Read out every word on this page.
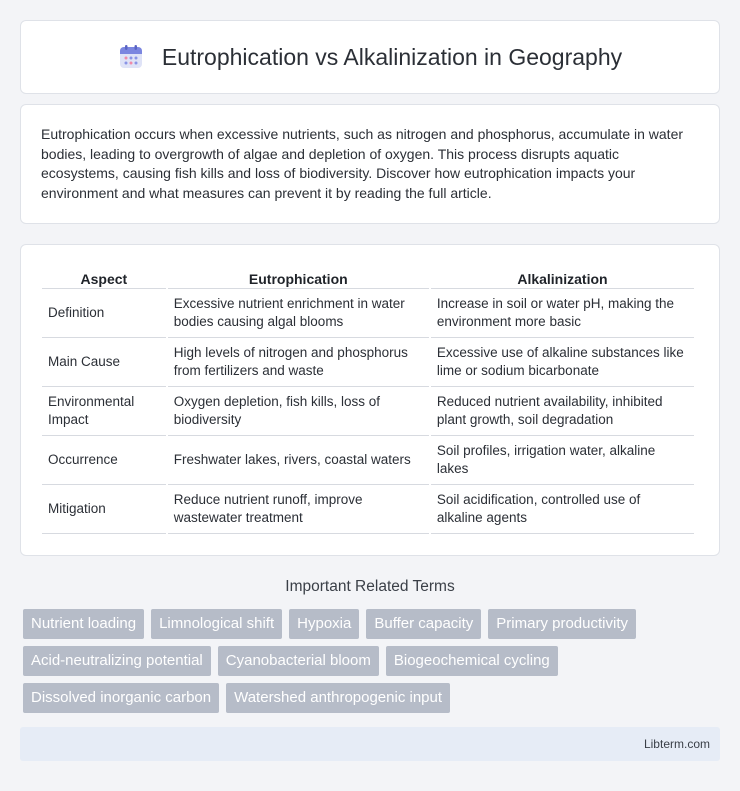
Eutrophication vs Alkalinization in Geography

Eutrophication occurs when excessive nutrients, such as nitrogen and phosphorus, accumulate in water bodies, leading to overgrowth of algae and depletion of oxygen. This process disrupts aquatic ecosystems, causing fish kills and loss of biodiversity. Discover how eutrophication impacts your environment and what measures can prevent it by reading the full article.

Aspect	Eutrophication	Alkalinization
Definition	Excessive nutrient enrichment in water bodies causing algal blooms	Increase in soil or water pH, making the environment more basic
Main Cause	High levels of nitrogen and phosphorus from fertilizers and waste	Excessive use of alkaline substances like lime or sodium bicarbonate
Environmental Impact	Oxygen depletion, fish kills, loss of biodiversity	Reduced nutrient availability, inhibited plant growth, soil degradation
Occurrence	Freshwater lakes, rivers, coastal waters	Soil profiles, irrigation water, alkaline lakes
Mitigation	Reduce nutrient runoff, improve wastewater treatment	Soil acidification, controlled use of alkaline agents
Important Related Terms
Nutrient loading	Limnological shift	Hypoxia	Buffer capacity	Primary productivity
Acid-neutralizing potential	Cyanobacterial bloom	Biogeochemical cycling
Dissolved inorganic carbon	Watershed anthropogenic input
Libterm.com
